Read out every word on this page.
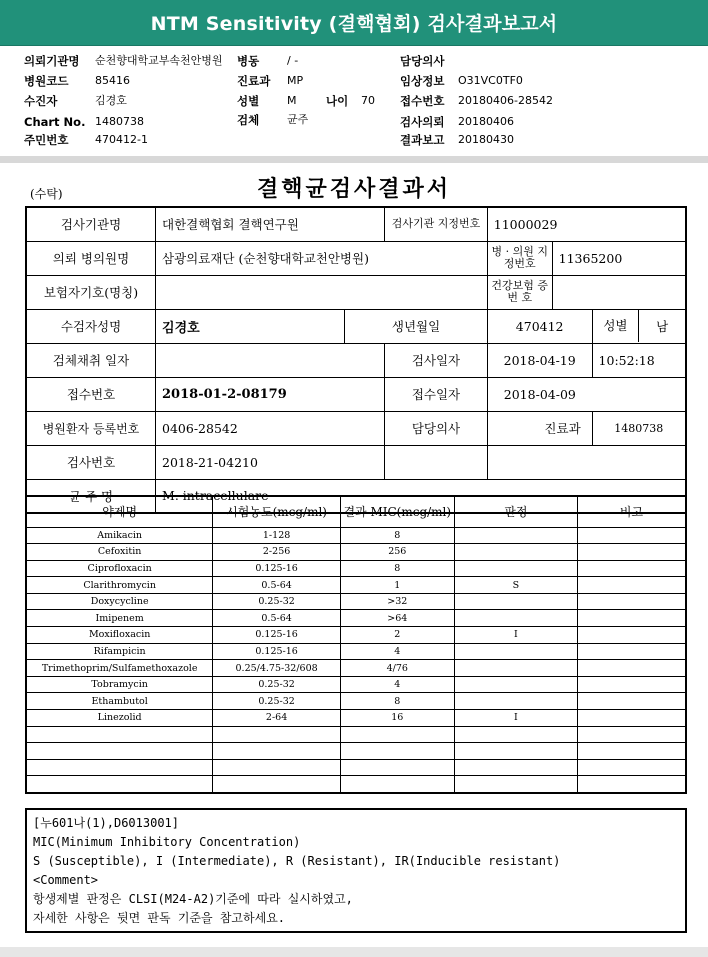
NTM Sensitivity (결핵협회) 검사결과보고서
의뢰기관명 순천향대학교부속천안병원 병동	/ -	담당의사
병원코드 85416	진료과 MP	임상정보 O31VC0TF0
수진자	김경호	성별	M	나이 70 접수번호 20180406-28542
Chart No. 1480738	검체	균주	검사의뢰 20180406
주민번호 470412-1	결과보고 20180430
결핵균검사결과서
(수탁)
검사기관명	대한결핵협회 결핵연구원		검사기관 지정번호	11000029		
의뢰 병의원명	삼광의료재단 (순천향대학교천안병원)			병 · 의원 지정번호	11365200	
보험자기호(명칭)				건강보험 증 번 호		
수검자성명	김경호	생년월일		470412		성별 남

검체채취 일자			검사일자	2018-04-19		10:52:18
접수번호	2018-01-2-08179		접수일자	2018-04-09		
병원환자 등록번호	0406-28542		담당의사	진료과		1480738
검사번호	2018-21-04210					
균 주 명	M. intracellulare					
약제명	시험농도(mcg/ml)	결과 MIC(mcg/ml)	판정	비고
Amikacin	1-128	8		
Cefoxitin	2-256	256		
Ciprofloxacin	0.125-16	8		
Clarithromycin	0.5-64	1	S	
Doxycycline	0.25-32	>32		
Imipenem	0.5-64	>64		
Moxifloxacin	0.125-16	2	I	
Rifampicin	0.125-16	4		
Trimethoprim/Sulfamethoxazole	0.25/4.75-32/608	4/76		
Tobramycin	0.25-32	4		
Ethambutol	0.25-32	8		
Linezolid	2-64	16	I	

[누601나(1),D6013001]
MIC(Minimum Inhibitory Concentration)
S (Susceptible), I (Intermediate), R (Resistant), IR(Inducible resistant)
<Comment>
항생제별 판정은 CLSI(M24-A2)기준에 따라 실시하였고,
자세한 사항은 뒷면 판독 기준을 참고하세요.
